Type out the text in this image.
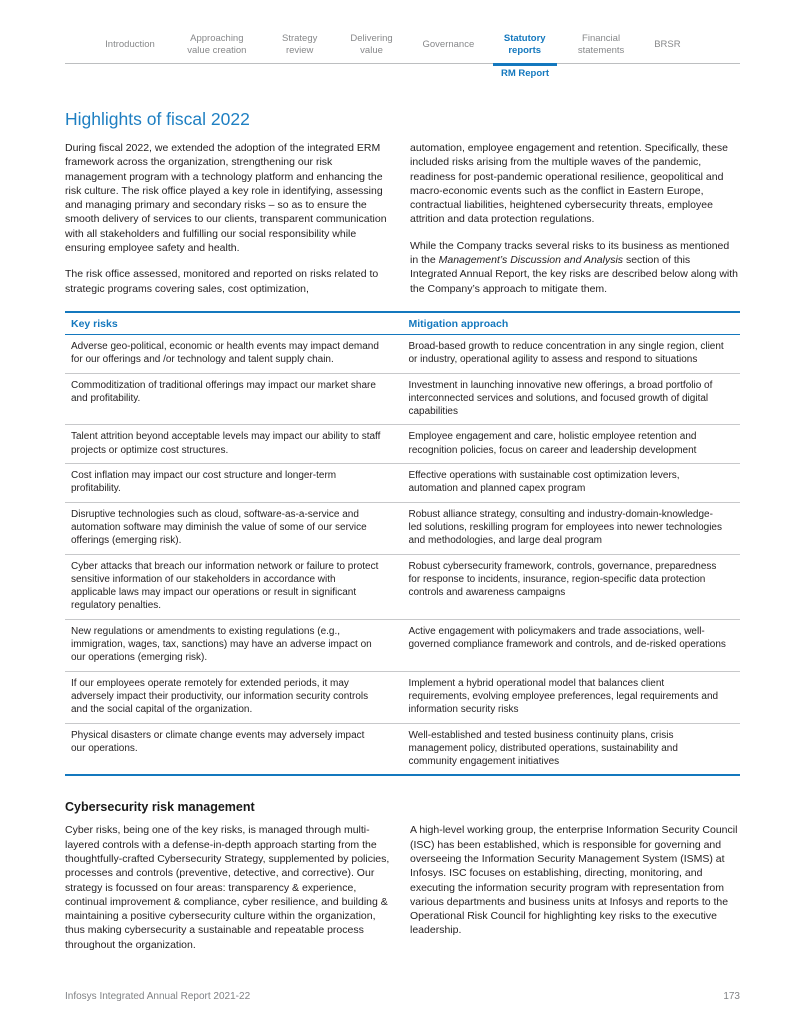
Introduction
Approaching value creation
Strategy review
Delivering value
Governance
Statutory reports
Financial statements
BRSR
RM Report
Highlights of fiscal 2022

During fiscal 2022, we extended the adoption of the integrated ERM framework across the organization, strengthening our risk management program with a technology platform and enhancing the risk culture. The risk office played a key role in identifying, assessing and managing primary and secondary risks – so as to ensure the smooth delivery of services to our clients, transparent communication with all stakeholders and fulfilling our social responsibility while ensuring employee safety and health.

The risk office assessed, monitored and reported on risks related to strategic programs covering sales, cost optimization,

automation, employee engagement and retention. Specifically, these included risks arising from the multiple waves of the pandemic, readiness for post-pandemic operational resilience, geopolitical and macro-economic events such as the conflict in Eastern Europe, contractual liabilities, heightened cybersecurity threats, employee attrition and data protection regulations.

While the Company tracks several risks to its business as mentioned in the Management’s Discussion and Analysis section of this Integrated Annual Report, the key risks are described below along with the Company’s approach to mitigate them.

Key risks	Mitigation approach
Adverse geo-political, economic or health events may impact demand for our offerings and /or technology and talent supply chain.	Broad-based growth to reduce concentration in any single region, client or industry, operational agility to assess and respond to situations
Commoditization of traditional offerings may impact our market share and profitability.	Investment in launching innovative new offerings, a broad portfolio of interconnected services and solutions, and focused growth of digital capabilities
Talent attrition beyond acceptable levels may impact our ability to staff projects or optimize cost structures.	Employee engagement and care, holistic employee retention and recognition policies, focus on career and leadership development
Cost inflation may impact our cost structure and longer-term profitability.	Effective operations with sustainable cost optimization levers, automation and planned capex program
Disruptive technologies such as cloud, software-as-a-service and automation software may diminish the value of some of our service offerings (emerging risk).	Robust alliance strategy, consulting and industry-domain-knowledge-led solutions, reskilling program for employees into newer technologies and methodologies, and large deal program
Cyber attacks that breach our information network or failure to protect sensitive information of our stakeholders in accordance with applicable laws may impact our operations or result in significant regulatory penalties.	Robust cybersecurity framework, controls, governance, preparedness for response to incidents, insurance, region-specific data protection controls and awareness campaigns
New regulations or amendments to existing regulations (e.g., immigration, wages, tax, sanctions) may have an adverse impact on our operations (emerging risk).	Active engagement with policymakers and trade associations, well-governed compliance framework and controls, and de-risked operations
If our employees operate remotely for extended periods, it may adversely impact their productivity, our information security controls and the social capital of the organization.	Implement a hybrid operational model that balances client requirements, evolving employee preferences, legal requirements and information security risks
Physical disasters or climate change events may adversely impact our operations.	Well-established and tested business continuity plans, crisis management policy, distributed operations, sustainability and community engagement initiatives
Cybersecurity risk management

Cyber risks, being one of the key risks, is managed through multi-layered controls with a defense-in-depth approach starting from the thoughtfully-crafted Cybersecurity Strategy, supplemented by policies, processes and controls (preventive, detective, and corrective). Our strategy is focussed on four areas: transparency & experience, continual improvement & compliance, cyber resilience, and building & maintaining a positive cybersecurity culture within the organization, thus making cybersecurity a sustainable and repeatable process throughout the organization.

A high-level working group, the enterprise Information Security Council (ISC) has been established, which is responsible for governing and overseeing the Information Security Management System (ISMS) at Infosys. ISC focuses on establishing, directing, monitoring, and executing the information security program with representation from various departments and business units at Infosys and reports to the Operational Risk Council for highlighting key risks to the executive leadership.

Infosys Integrated Annual Report 2021-22	173
